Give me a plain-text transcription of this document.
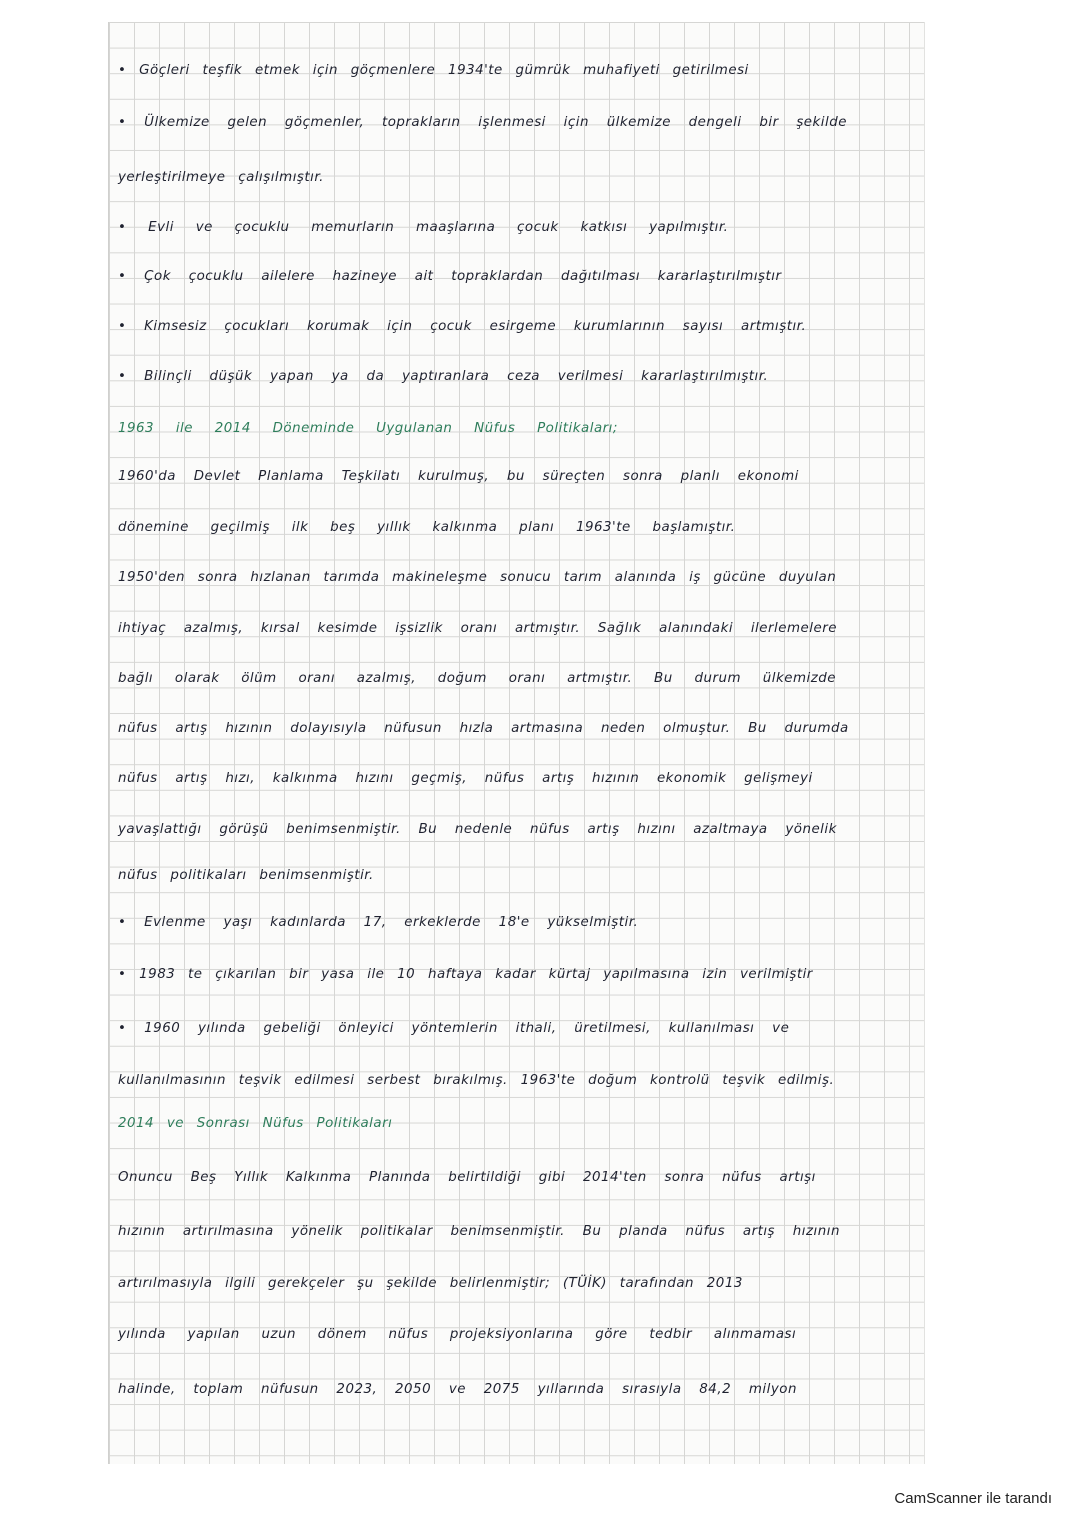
• Göçleri teşfik etmek için göçmenlere 1934'te gümrük muhafiyeti getirilmesi
• Ülkemize gelen göçmenler, toprakların işlenmesi için ülkemize dengeli bir şekilde
yerleştirilmeye çalışılmıştır.
• Evli ve çocuklu memurların maaşlarına çocuk katkısı yapılmıştır.
• Çok çocuklu ailelere hazineye ait topraklardan dağıtılması kararlaştırılmıştır
• Kimsesiz çocukları korumak için çocuk esirgeme kurumlarının sayısı artmıştır.
• Bilinçli düşük yapan ya da yaptıranlara ceza verilmesi kararlaştırılmıştır.
1963 ile 2014 Döneminde Uygulanan Nüfus Politikaları;
1960'da Devlet Planlama Teşkilatı kurulmuş, bu süreçten sonra planlı ekonomi
dönemine geçilmiş ilk beş yıllık kalkınma planı 1963'te başlamıştır.
1950'den sonra hızlanan tarımda makineleşme sonucu tarım alanında iş gücüne duyulan
ihtiyaç azalmış, kırsal kesimde işsizlik oranı artmıştır. Sağlık alanındaki ilerlemelere
bağlı olarak ölüm oranı azalmış, doğum oranı artmıştır. Bu durum ülkemizde
nüfus artış hızının dolayısıyla nüfusun hızla artmasına neden olmuştur. Bu durumda
nüfus artış hızı, kalkınma hızını geçmiş, nüfus artış hızının ekonomik gelişmeyi
yavaşlattığı görüşü benimsenmiştir. Bu nedenle nüfus artış hızını azaltmaya yönelik
nüfus politikaları benimsenmiştir.
• Evlenme yaşı kadınlarda 17, erkeklerde 18'e yükselmiştir.
• 1983 te çıkarılan bir yasa ile 10 haftaya kadar kürtaj yapılmasına izin verilmiştir
• 1960 yılında gebeliği önleyici yöntemlerin ithali, üretilmesi, kullanılması ve
kullanılmasının teşvik edilmesi serbest bırakılmış. 1963'te doğum kontrolü teşvik edilmiş.
2014 ve Sonrası Nüfus Politikaları
Onuncu Beş Yıllık Kalkınma Planında belirtildiği gibi 2014'ten sonra nüfus artışı
hızının artırılmasına yönelik politikalar benimsenmiştir. Bu planda nüfus artış hızının
artırılmasıyla ilgili gerekçeler şu şekilde belirlenmiştir; (TÜİK) tarafından 2013
yılında yapılan uzun dönem nüfus projeksiyonlarına göre tedbir alınmaması
halinde, toplam nüfusun 2023, 2050 ve 2075 yıllarında sırasıyla 84,2 milyon
CamScanner ile tarandı
